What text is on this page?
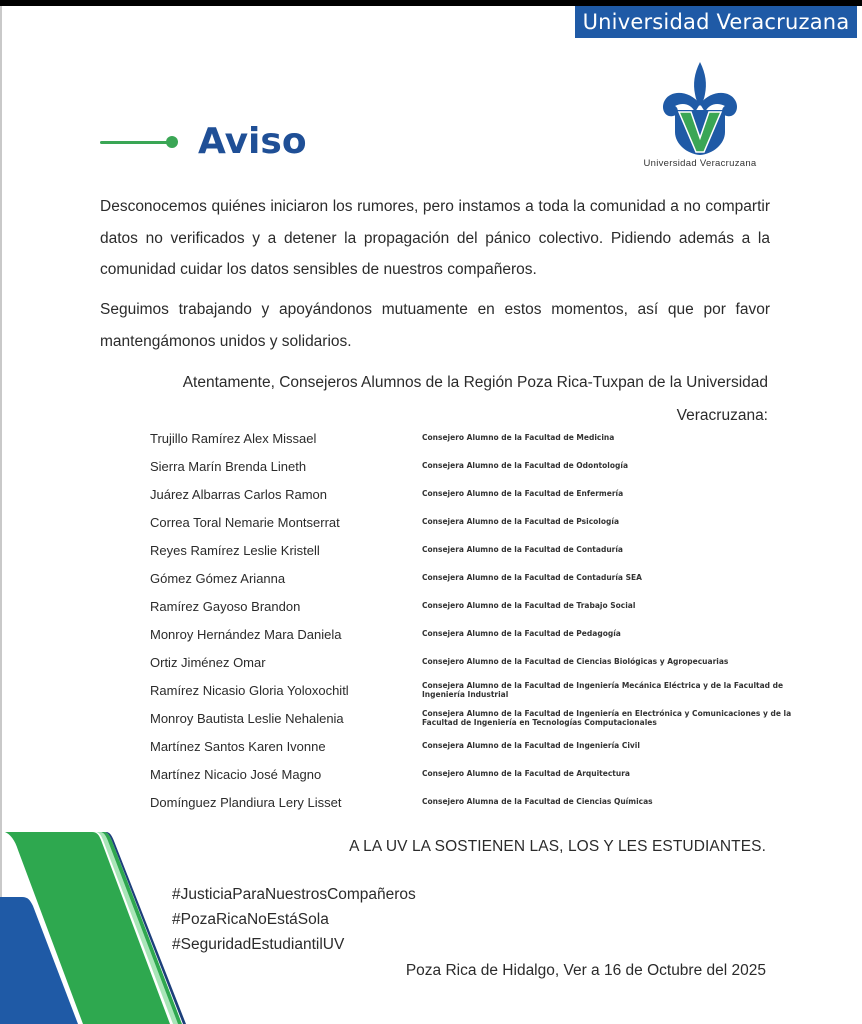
Universidad Veracruzana
Universidad Veracruzana
Aviso
Desconocemos quiénes iniciaron los rumores, pero instamos a toda la comunidad a no compartir datos no verificados y a detener la propagación del pánico colectivo. Pidiendo además a la comunidad cuidar los datos sensibles de nuestros compañeros.
Seguimos trabajando y apoyándonos mutuamente en estos momentos, así que por favor mantengámonos unidos y solidarios.
Atentamente, Consejeros Alumnos de la Región Poza Rica-Tuxpan de la Universidad
Veracruzana:
Trujillo Ramírez Alex Missael	Consejero Alumno de la Facultad de Medicina
Sierra Marín Brenda Lineth	Consejera Alumno de la Facultad de Odontología
Juárez Albarras Carlos Ramon	Consejero Alumno de la Facultad de Enfermería
Correa Toral Nemarie Montserrat	Consejera Alumno de la Facultad de Psicología
Reyes Ramírez Leslie Kristell	Consejera Alumno de la Facultad de Contaduría
Gómez Gómez Arianna	Consejera Alumno de la Facultad de Contaduría SEA
Ramírez Gayoso Brandon	Consejero Alumno de la Facultad de Trabajo Social
Monroy Hernández Mara Daniela	Consejera Alumno de la Facultad de Pedagogía
Ortiz Jiménez Omar	Consejero Alumno de la Facultad de Ciencias Biológicas y Agropecuarias
Ramírez Nicasio Gloria Yoloxochitl	Consejera Alumno de la Facultad de Ingeniería Mecánica Eléctrica y de la Facultad de Ingeniería Industrial
Monroy Bautista Leslie Nehalenia	Consejera Alumno de la Facultad de Ingeniería en Electrónica y Comunicaciones y de la Facultad de Ingeniería en Tecnologías Computacionales
Martínez Santos Karen Ivonne	Consejera Alumno de la Facultad de Ingeniería Civil
Martínez Nicacio José Magno	Consejero Alumno de la Facultad de Arquitectura
Domínguez Plandiura Lery Lisset	Consejero Alumna de la Facultad de Ciencias Químicas
A LA UV LA SOSTIENEN LAS, LOS Y LES ESTUDIANTES.
#JusticiaParaNuestrosCompañeros
#PozaRicaNoEstáSola
#SeguridadEstudiantilUV
Poza Rica de Hidalgo, Ver a 16 de Octubre del 2025
